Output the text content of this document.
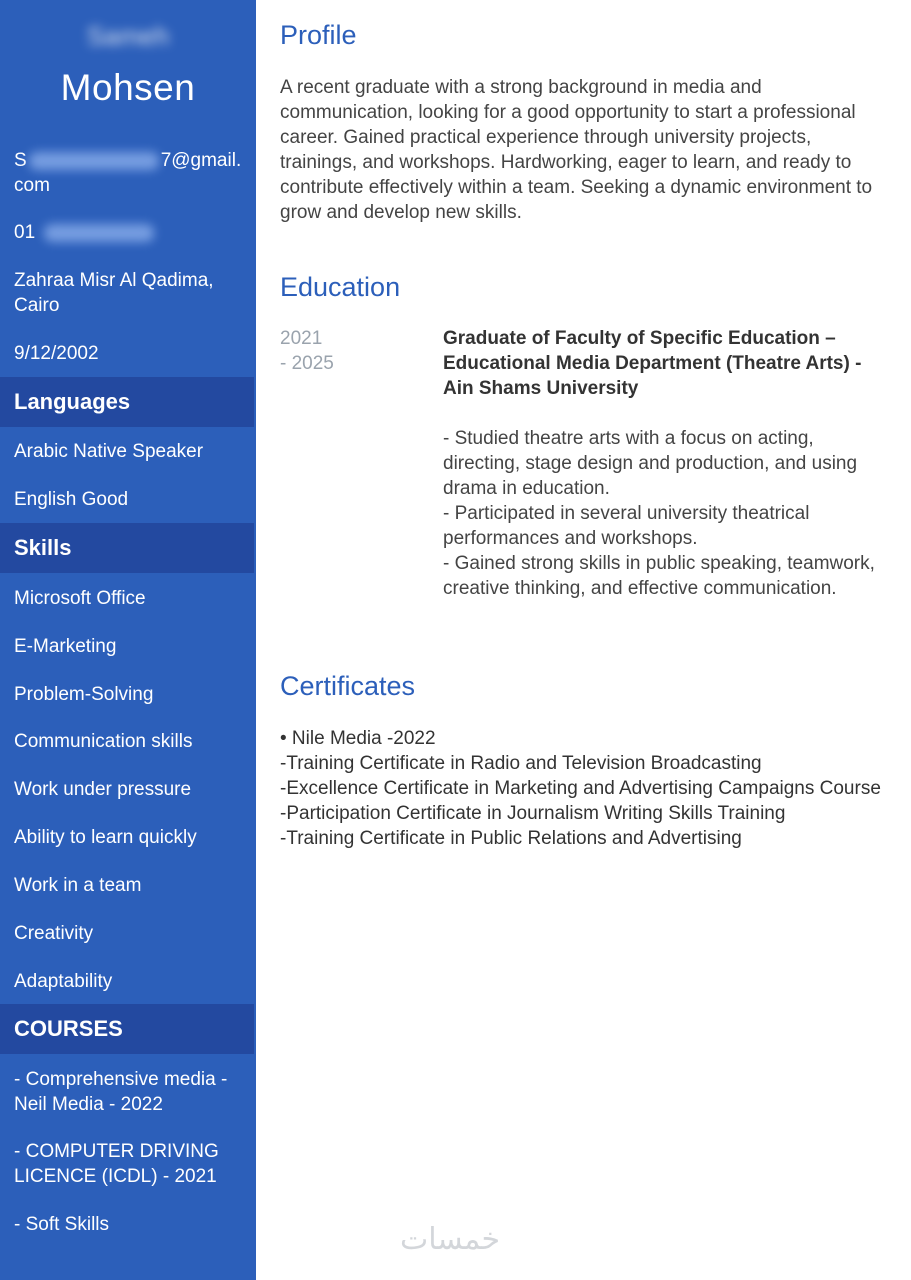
Sameh
Mohsen
S	7@gmail.
com
01
Zahraa Misr Al Qadima, Cairo
9/12/2002
Languages
Arabic Native Speaker
English Good
Skills
Microsoft Office
E-Marketing
Problem-Solving
Communication skills
Work under pressure
Ability to learn quickly
Work in a team
Creativity
Adaptability
COURSES
- Comprehensive media - Neil Media - 2022
- COMPUTER DRIVING LICENCE (ICDL) - 2021
- Soft Skills
Profile
A recent graduate with a strong background in media and communication, looking for a good opportunity to start a professional career. Gained practical experience through university projects, trainings, and workshops. Hardworking, eager to learn, and ready to contribute effectively within a team. Seeking a dynamic environment to grow and develop new skills.
Education
2021
- 2025
Graduate of Faculty of Specific Education – Educational Media Department (Theatre Arts) - Ain Shams University
- Studied theatre arts with a focus on acting, directing, stage design and production, and using drama in education.
- Participated in several university theatrical performances and workshops.
- Gained strong skills in public speaking, teamwork, creative thinking, and effective communication.
Certificates
• Nile Media -2022
-Training Certificate in Radio and Television Broadcasting
-Excellence Certificate in Marketing and Advertising Campaigns Course
-Participation Certificate in Journalism Writing Skills Training
-Training Certificate in Public Relations and Advertising
خمسات
